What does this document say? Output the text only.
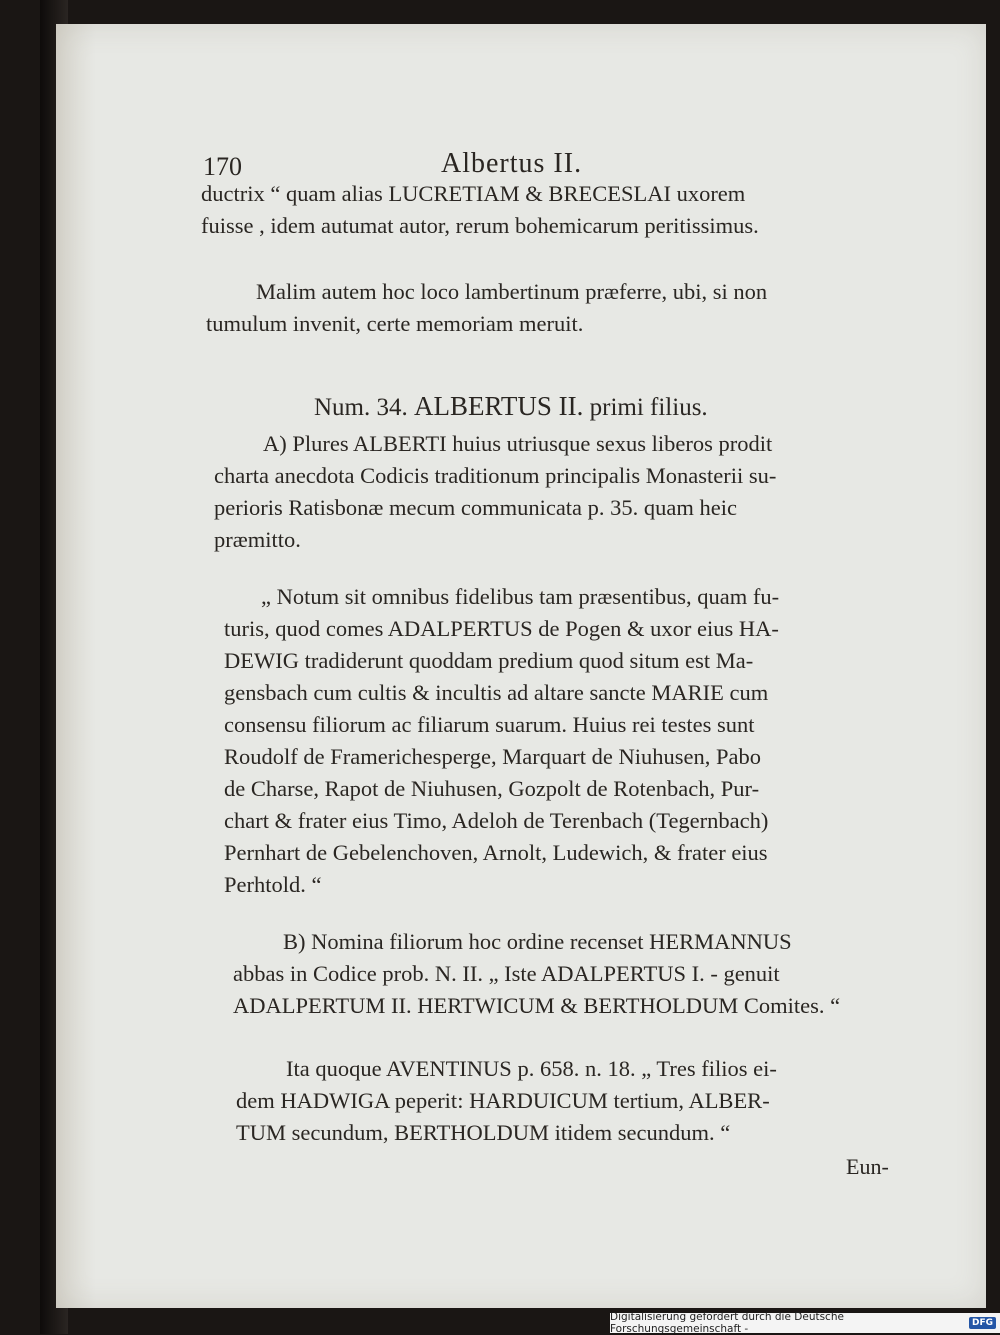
170	Albertus II.
ductrix “ quam alias LUCRETIAM & BRECESLAI uxorem
fuisse , idem autumat autor, rerum bohemicarum peritissimus.
Malim autem hoc loco lambertinum præferre, ubi, si non
tumulum invenit, certe memoriam meruit.
Num. 34. ALBERTUS II. primi filius.
A) Plures ALBERTI huius utriusque sexus liberos prodit
charta anecdota Codicis traditionum principalis Monasterii su-
perioris Ratisbonæ mecum communicata p. 35. quam heic
præmitto.
„ Notum sit omnibus fidelibus tam præsentibus, quam fu-
turis, quod comes ADALPERTUS de Pogen & uxor eius HA-
DEWIG tradiderunt quoddam predium quod situm est Ma-
gensbach cum cultis & incultis ad altare sancte MARIE cum
consensu filiorum ac filiarum suarum. Huius rei testes sunt
Roudolf de Framerichesperge, Marquart de Niuhusen, Pabo
de Charse, Rapot de Niuhusen, Gozpolt de Rotenbach, Pur-
chart & frater eius Timo, Adeloh de Terenbach (Tegernbach)
Pernhart de Gebelenchoven, Arnolt, Ludewich, & frater eius
Perhtold. “
B) Nomina filiorum hoc ordine recenset HERMANNUS
abbas in Codice prob. N. II. „ Iste ADALPERTUS I. - genuit
ADALPERTUM II. HERTWICUM & BERTHOLDUM Comites. “
Ita quoque AVENTINUS p. 658. n. 18. „ Tres filios ei-
dem HADWIGA peperit: HARDUICUM tertium, ALBER-
TUM secundum, BERTHOLDUM itidem secundum. “
Eun-
Digitalisierung gefördert durch die Deutsche Forschungsgemeinschaft -	DFG
